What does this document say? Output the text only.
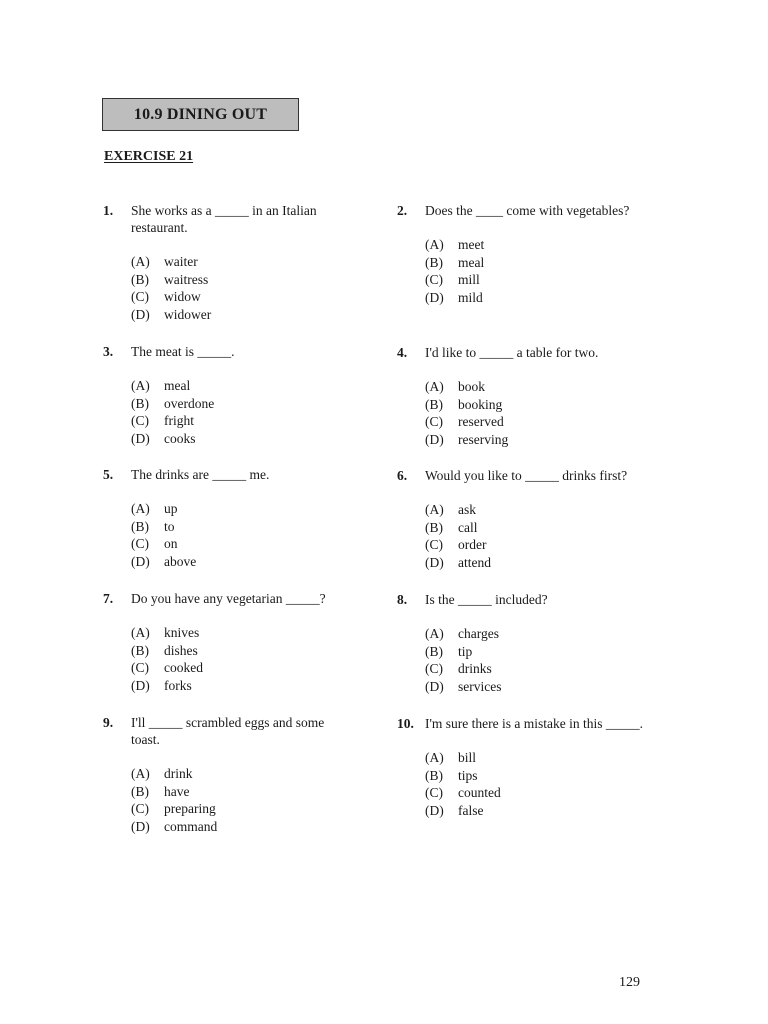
10.9 DINING OUT
EXERCISE 21
1. She works as a _____ in an Italian restaurant.
(A)	waiter
(B)	waitress
(C)	widow
(D)	widower
2. Does the ____ come with vegetables?
(A)	meet
(B)	meal
(C)	mill
(D)	mild
3. The meat is _____.
(A)	meal
(B)	overdone
(C)	fright
(D)	cooks
4. I'd like to _____ a table for two.
(A)	book
(B)	booking
(C)	reserved
(D)	reserving
5. The drinks are _____ me.
(A)	up
(B)	to
(C)	on
(D)	above
6. Would you like to _____ drinks first?
(A)	ask
(B)	call
(C)	order
(D)	attend
7. Do you have any vegetarian _____?
(A)	knives
(B)	dishes
(C)	cooked
(D)	forks
8. Is the _____ included?
(A)	charges
(B)	tip
(C)	drinks
(D)	services
9. I'll _____ scrambled eggs and some toast.
(A)	drink
(B)	have
(C)	preparing
(D)	command
10. I'm sure there is a mistake in this _____.
(A)	bill
(B)	tips
(C)	counted
(D)	false
129
